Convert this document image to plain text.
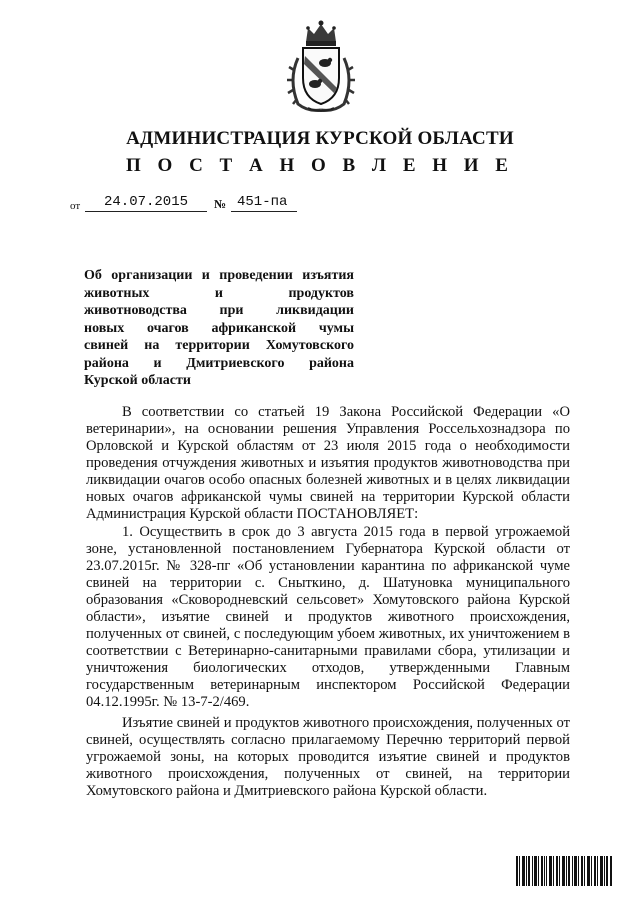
АДМИНИСТРАЦИЯ КУРСКОЙ ОБЛАСТИ
П О С Т А Н О В Л Е Н И Е
от	24.07.2015	№ 451-па
Об организации и проведении изъятия
животных и продуктов
животноводства при ликвидации
новых очагов африканской чумы
свиней на территории Хомутовского
района и Дмитриевского района
Курской области

В соответствии со статьей 19 Закона Российской Федерации «О ветеринарии», на основании решения Управления Россельхознадзора по Орловской и Курской областям от 23 июля 2015 года о необходимости проведения отчуждения животных и изъятия продуктов животноводства при ликвидации очагов особо опасных болезней животных и в целях ликвидации новых очагов африканской чумы свиней на территории Курской области Администрация Курской области ПОСТАНОВЛЯЕТ:

1. Осуществить в срок до 3 августа 2015 года в первой угрожаемой зоне, установленной постановлением Губернатора Курской области от 23.07.2015г. № 328-пг «Об установлении карантина по африканской чуме свиней на территории с. Сныткино, д. Шатуновка муниципального образования «Сковородневский сельсовет» Хомутовского района Курской области», изъятие свиней и продуктов животного происхождения, полученных от свиней, с последующим убоем животных, их уничтожением в соответствии с Ветеринарно-санитарными правилами сбора, утилизации и уничтожения биологических отходов, утвержденными Главным государственным ветеринарным инспектором Российской Федерации 04.12.1995г. № 13-7-2/469.

Изъятие свиней и продуктов животного происхождения, полученных от свиней, осуществлять согласно прилагаемому Перечню территорий первой угрожаемой зоны, на которых проводится изъятие свиней и продуктов животного происхождения, полученных от свиней, на территории Хомутовского района и Дмитриевского района Курской области.
